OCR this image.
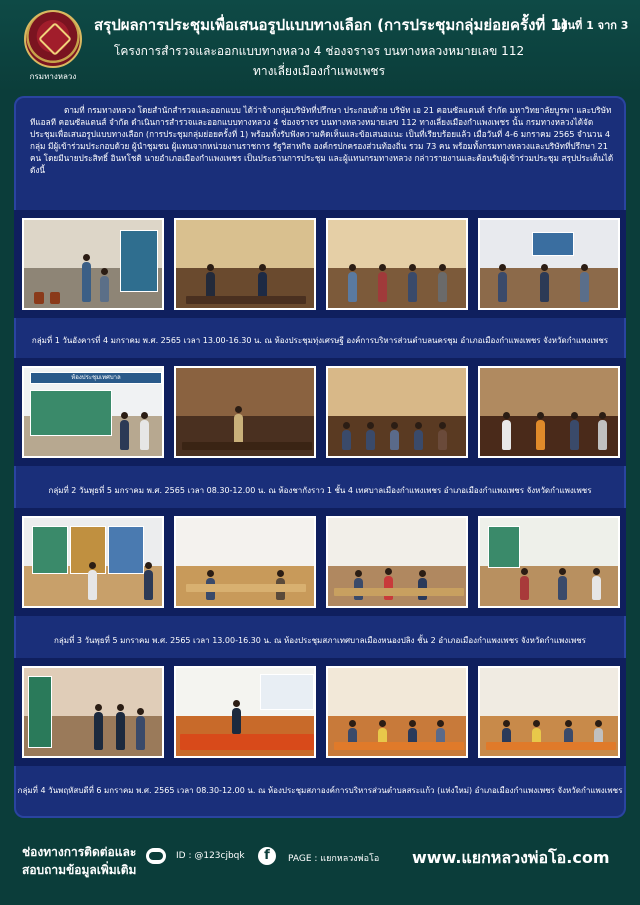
กรมทางหลวง
สรุปผลการประชุมเพื่อเสนอรูปแบบทางเลือก (การประชุมกลุ่มย่อยครั้งที่ 1)
แผ่นที่ 1 จาก 3
โครงการสำรวจและออกแบบทางหลวง 4 ช่องจราจร บนทางหลวงหมายเลข 112
ทางเลี่ยงเมืองกำแพงเพชร

ตามที่ กรมทางหลวง โดยสำนักสำรวจและออกแบบ ได้ว่าจ้างกลุ่มบริษัทที่ปรึกษา ประกอบด้วย บริษัท เอ 21 คอนซัลแตนท์ จำกัด มหาวิทยาลัยบูรพา และบริษัท ทีแอลที คอนซัลแตนส์ จำกัด ดำเนินการสำรวจและออกแบบทางหลวง 4 ช่องจราจร บนทางหลวงหมายเลข 112 ทางเลี่ยงเมืองกำแพงเพชร นั้น กรมทางหลวงได้จัดประชุมเพื่อเสนอรูปแบบทางเลือก (การประชุมกลุ่มย่อยครั้งที่ 1) พร้อมทั้งรับฟังความคิดเห็นและข้อเสนอแนะ เป็นที่เรียบร้อยแล้ว เมื่อวันที่ 4-6 มกราคม 2565 จำนวน 4 กลุ่ม มีผู้เข้าร่วมประกอบด้วย ผู้นำชุมชน ผู้แทนจากหน่วยงานราชการ รัฐวิสาหกิจ องค์กรปกครองส่วนท้องถิ่น รวม 73 คน พร้อมทั้งกรมทางหลวงและบริษัทที่ปรึกษา 21 คน โดยมีนายประสิทธิ์ อินทโชติ นายอำเภอเมืองกำแพงเพชร เป็นประธานการประชุม และผู้แทนกรมทางหลวง กล่าวรายงานและต้อนรับผู้เข้าร่วมประชุม สรุปประเด็นได้ดังนี้

กลุ่มที่ 1 วันอังคารที่ 4 มกราคม พ.ศ. 2565 เวลา 13.00-16.30 น. ณ ห้องประชุมทุ่งเศรษฐี องค์การบริหารส่วนตำบลนครชุม อำเภอเมืองกำแพงเพชร จังหวัดกำแพงเพชร
ห้องประชุมเทศบาล
กลุ่มที่ 2 วันพุธที่ 5 มกราคม พ.ศ. 2565 เวลา 08.30-12.00 น. ณ ห้องชากังราว 1 ชั้น 4 เทศบาลเมืองกำแพงเพชร อำเภอเมืองกำแพงเพชร จังหวัดกำแพงเพชร
กลุ่มที่ 3 วันพุธที่ 5 มกราคม พ.ศ. 2565 เวลา 13.00-16.30 น. ณ ห้องประชุมสภาเทศบาลเมืองหนองปลิง ชั้น 2 อำเภอเมืองกำแพงเพชร จังหวัดกำแพงเพชร
กลุ่มที่ 4 วันพฤหัสบดีที่ 6 มกราคม พ.ศ. 2565 เวลา 08.30-12.00 น. ณ ห้องประชุมสภาองค์การบริหารส่วนตำบลสระแก้ว (แห่งใหม่) อำเภอเมืองกำแพงเพชร จังหวัดกำแพงเพชร
ช่องทางการติดต่อและ
สอบถามข้อมูลเพิ่มเติม
ID : @123cjbqk	f	PAGE : แยกหลวงพ่อโอ www.แยกหลวงพ่อโอ.com
